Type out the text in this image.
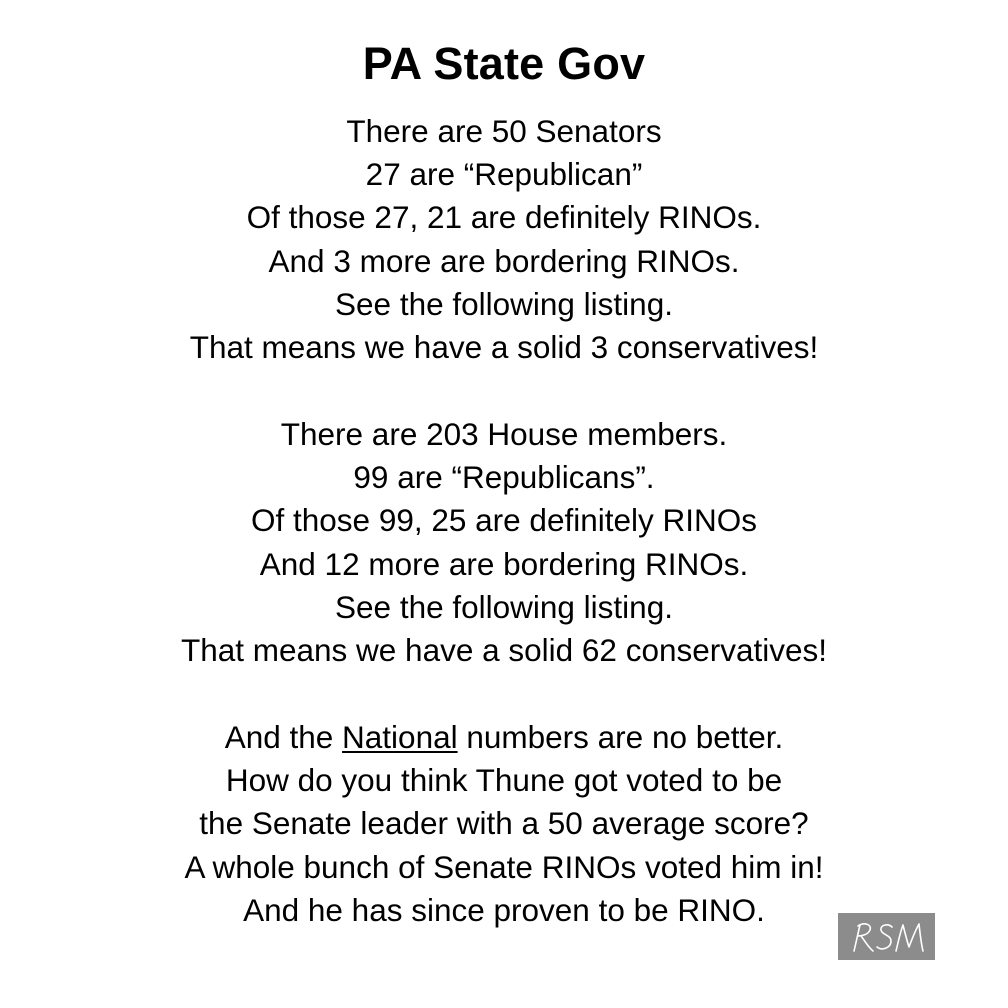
PA State Gov

There are 50 Senators

27 are “Republican”

Of those 27, 21 are definitely RINOs.

And 3 more are bordering RINOs.

See the following listing.

That means we have a solid 3 conservatives!

There are 203 House members.

99 are “Republicans”.

Of those 99, 25 are definitely RINOs

And 12 more are bordering RINOs.

See the following listing.

That means we have a solid 62 conservatives!

And the National numbers are no better.

How do you think Thune got voted to be

the Senate leader with a 50 average score?

A whole bunch of Senate RINOs voted him in!

And he has since proven to be RINO.
